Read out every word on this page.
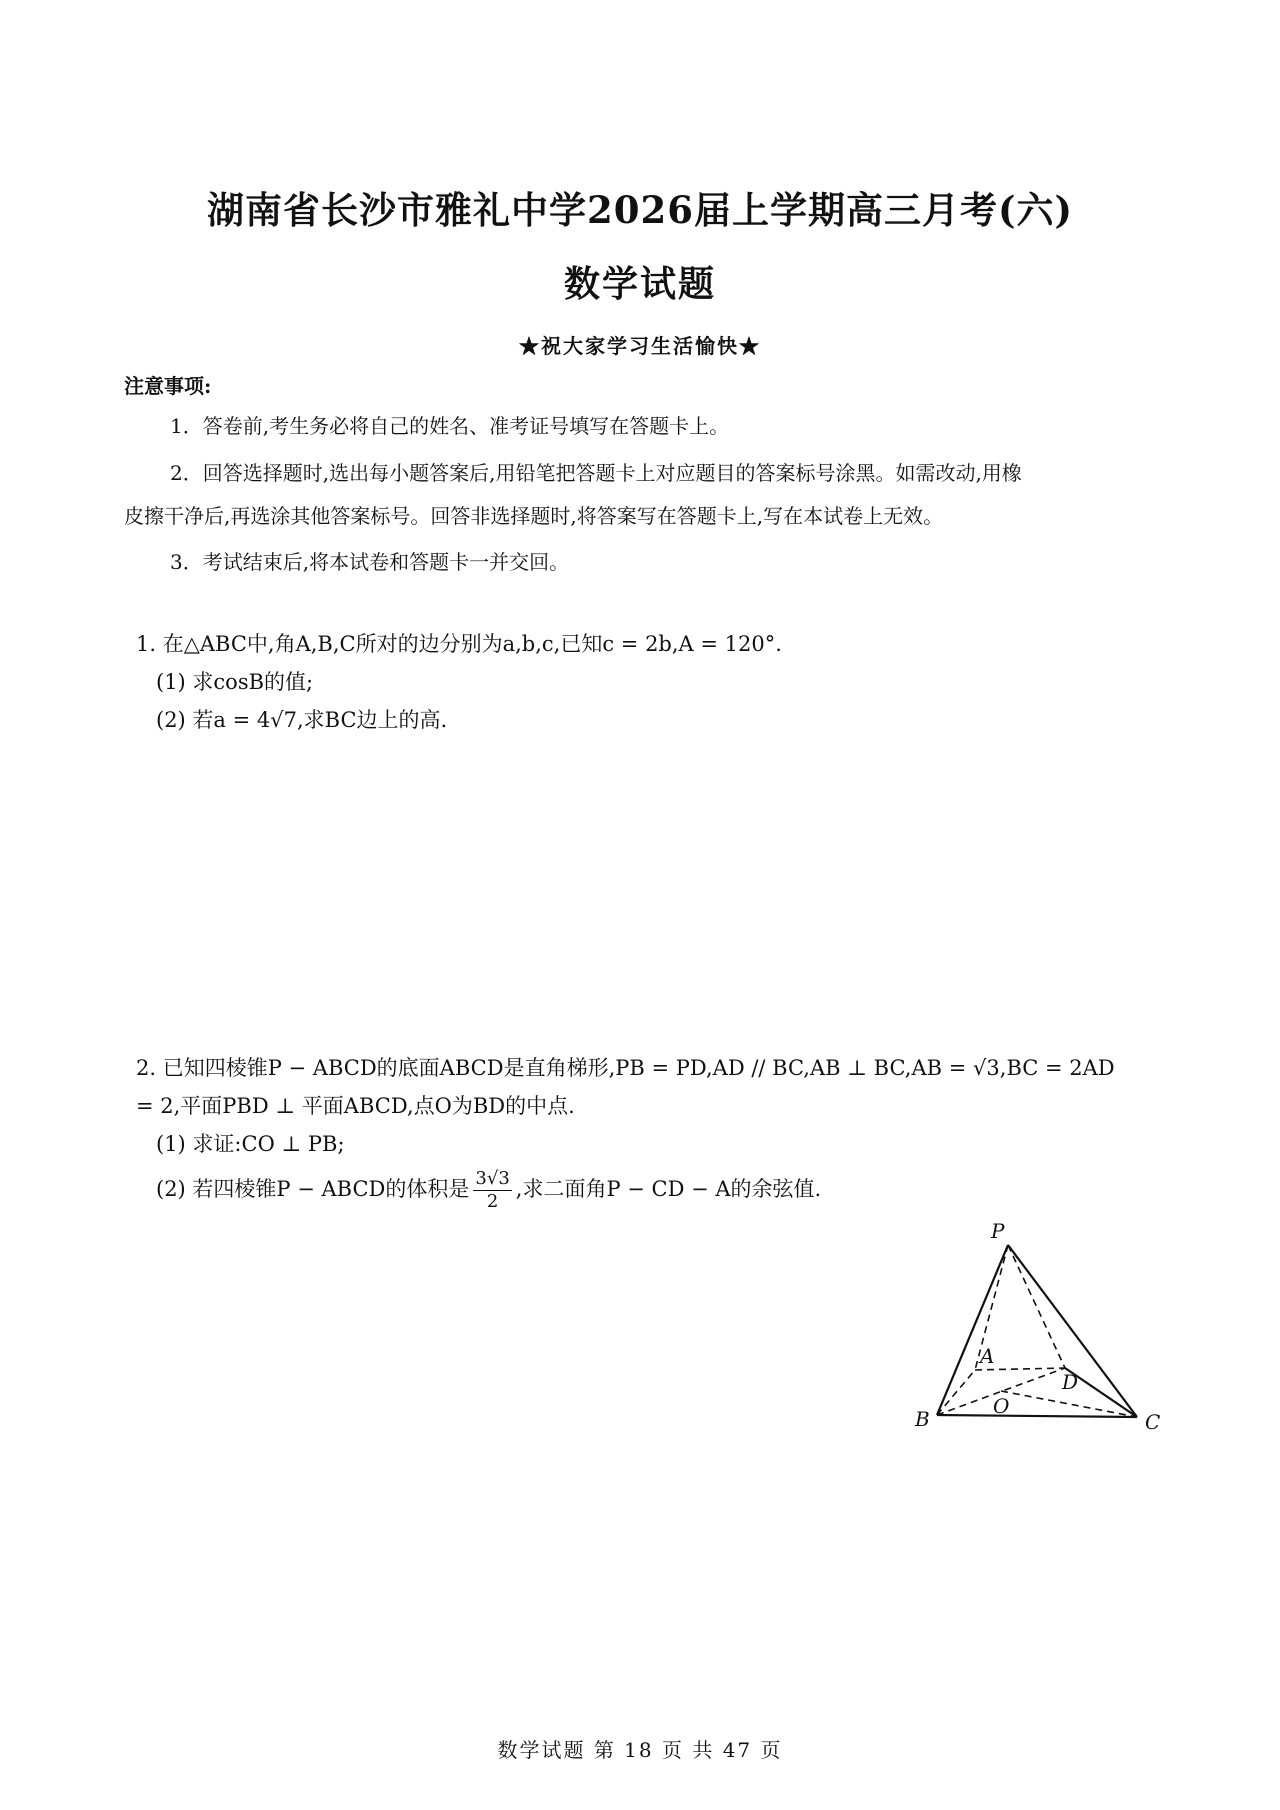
湖南省长沙市雅礼中学2026届上学期高三月考(六)
数学试题
★祝大家学习生活愉快★
注意事项:
1．答卷前,考生务必将自己的姓名、准考证号填写在答题卡上。
2．回答选择题时,选出每小题答案后,用铅笔把答题卡上对应题目的答案标号涂黑。如需改动,用橡
皮擦干净后,再选涂其他答案标号。回答非选择题时,将答案写在答题卡上,写在本试卷上无效。
3．考试结束后,将本试卷和答题卡一并交回。
1. 在△ABC中,角A,B,C所对的边分别为a,b,c,已知c = 2b,A = 120°.
(1) 求cosB的值;
(2) 若a = 4√7,求BC边上的高.
2. 已知四棱锥P − ABCD的底面ABCD是直角梯形,PB = PD,AD // BC,AB ⊥ BC,AB = √3,BC = 2AD
= 2,平面PBD ⊥ 平面ABCD,点O为BD的中点.
(1) 求证:CO ⊥ PB;
(2) 若四棱锥P − ABCD的体积是 $\frac{3√3}{2}$ ,求二面角P − CD − A的余弦值.
P
A
D
O
B	C
数学试题 第 18 页 共 47 页
